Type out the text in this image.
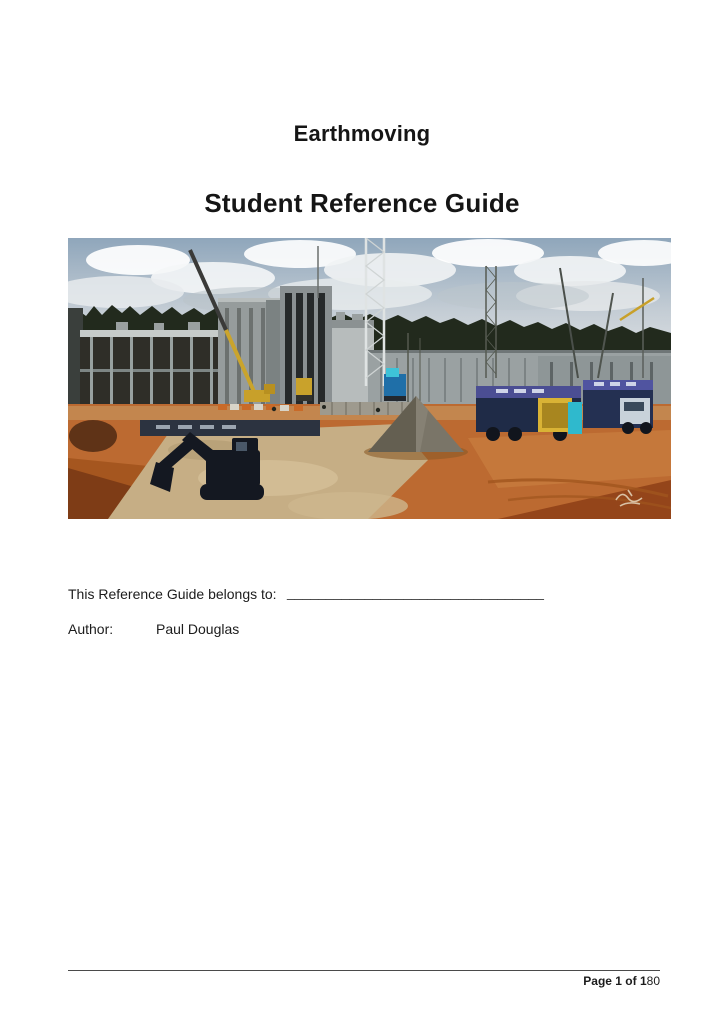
Earthmoving
Student Reference Guide
This Reference Guide belongs to: _________________________________
Author:	Paul Douglas
Page 1 of 180
